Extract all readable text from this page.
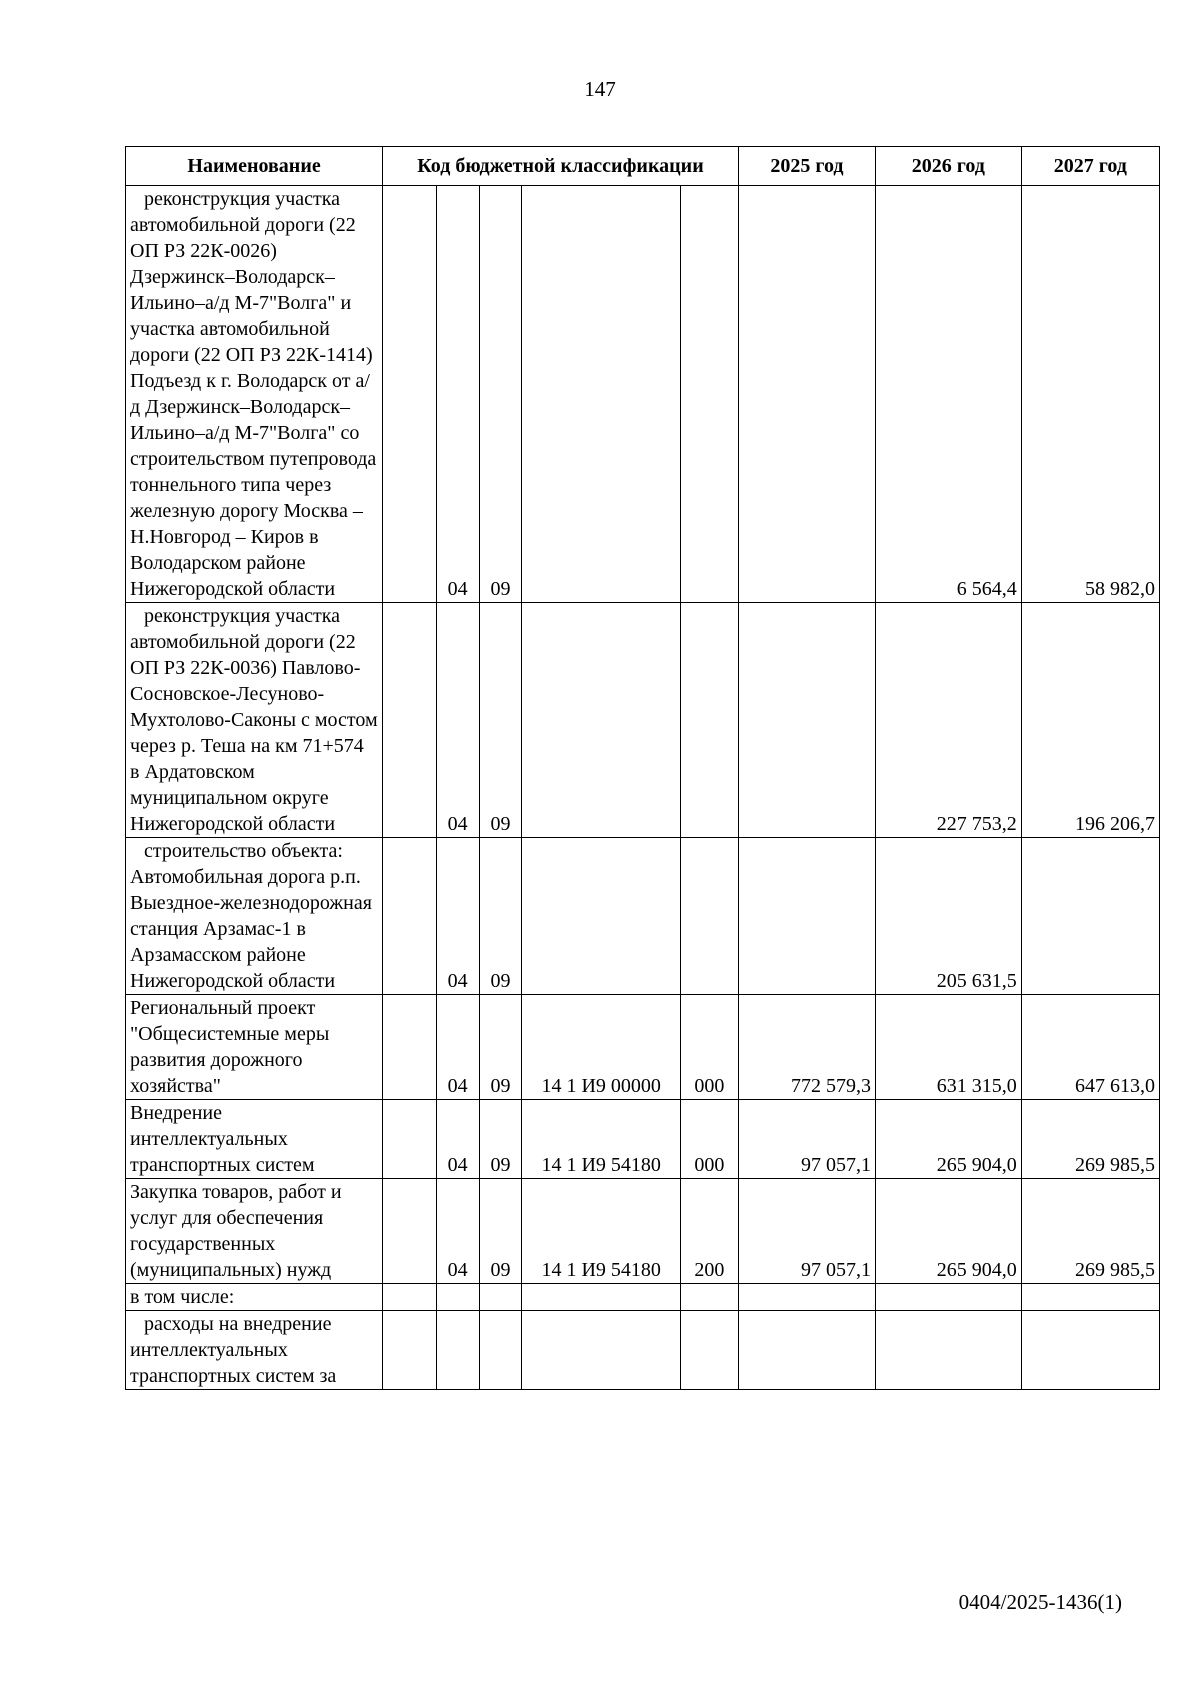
147
Наименование	Код бюджетной классификации					2025 год	2026 год	2027 год
реконструкция участка автомобильной дороги (22 ОП РЗ 22К-0026) Дзержинск–Володарск–Ильино–а/д М-7"Волга" и участка автомобильной дороги (22 ОП РЗ 22К-1414) Подъезд к г. Володарск от а/д Дзержинск–Володарск–Ильино–а/д М-7"Волга" со строительством путепровода тоннельного типа через железную дорогу Москва – Н.Новгород – Киров в Володарском районе Нижегородской области		04	09				6 564,4	58 982,0
реконструкция участка автомобильной дороги (22 ОП РЗ 22К-0036) Павлово-Сосновское-Лесуново-Мухтолово-Саконы с мостом через р. Теша на км 71+574 в Ардатовском муниципальном округе Нижегородской области		04	09				227 753,2	196 206,7
строительство объекта: Автомобильная дорога р.п. Выездное-железнодорожная станция Арзамас-1 в Арзамасском районе Нижегородской области		04	09				205 631,5	
Региональный проект "Общесистемные меры развития дорожного хозяйства"		04	09	14 1 И9 00000	000	772 579,3	631 315,0	647 613,0
Внедрение интеллектуальных транспортных систем		04	09	14 1 И9 54180	000	97 057,1	265 904,0	269 985,5
Закупка товаров, работ и услуг для обеспечения государственных (муниципальных) нужд		04	09	14 1 И9 54180	200	97 057,1	265 904,0	269 985,5
в том числе:								
расходы на внедрение интеллектуальных транспортных систем за								
0404/2025-1436(1)
